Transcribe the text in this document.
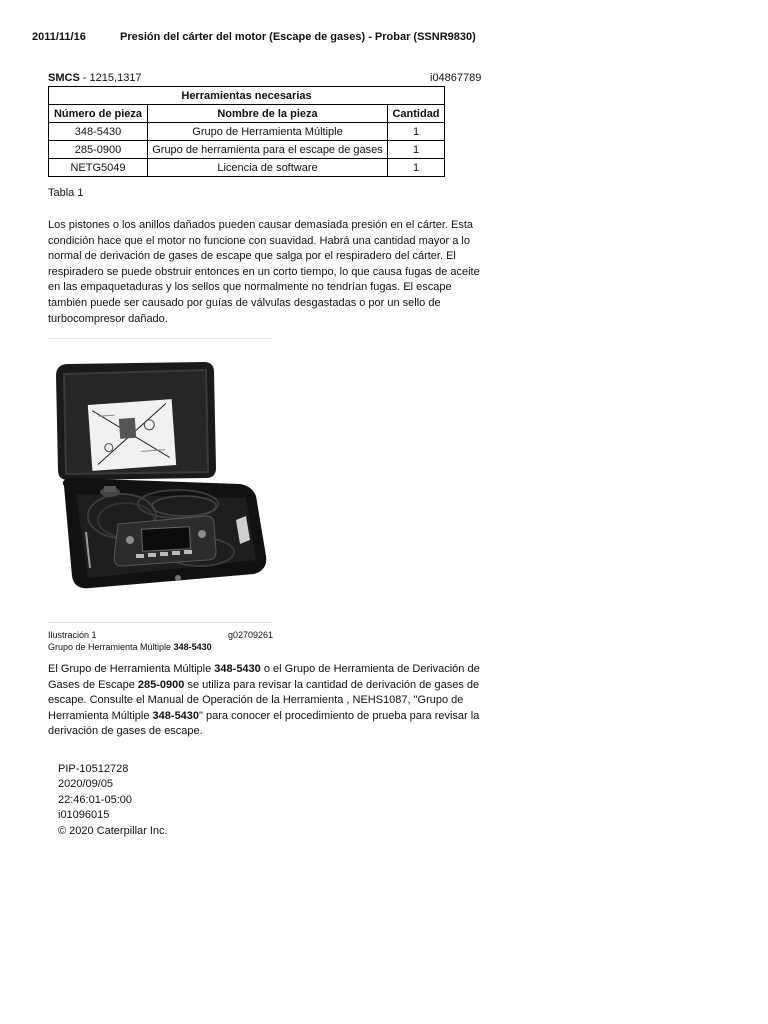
2011/11/16	Presión del cárter del motor (Escape de gases) - Probar (SSNR9830)
SMCS - 1215,1317	i04867789
Herramientas necesarias		
Número de pieza	Nombre de la pieza	Cantidad
348-5430	Grupo de Herramienta Múltiple	1
285-0900	Grupo de herramienta para el escape de gases	1
NETG5049	Licencia de software	1
Tabla 1
Los pistones o los anillos dañados pueden causar demasiada presión en el cárter. Esta condición hace que el motor no funcione con suavidad. Habrá una cantidad mayor a lo normal de derivación de gases de escape que salga por el respiradero del cárter. El respiradero se puede obstruir entonces en un corto tiempo, lo que causa fugas de aceite en las empaquetaduras y los sellos que normalmente no tendrían fugas. El escape también puede ser causado por guías de válvulas desgastadas o por un sello de turbocompresor dañado.
Ilustración 1	g02709261
Grupo de Herramienta Múltiple 348-5430
El Grupo de Herramienta Múltiple 348-5430 o el Grupo de Herramienta de Derivación de Gases de Escape 285-0900 se utiliza para revisar la cantidad de derivación de gases de escape. Consulte el Manual de Operación de la Herramienta , NEHS1087, "Grupo de Herramienta Múltiple 348-5430" para conocer el procedimiento de prueba para revisar la derivación de gases de escape.
PIP-10512728
2020/09/05
22:46:01-05:00
i01096015
© 2020 Caterpillar Inc.
